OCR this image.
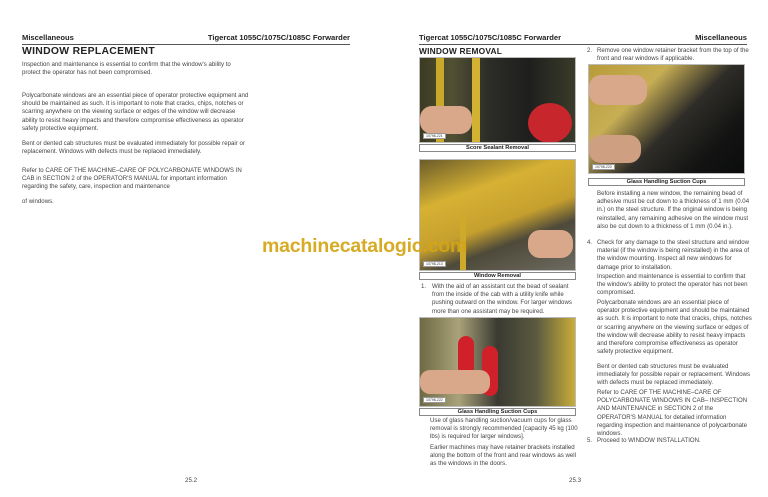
Miscellaneous	Tigercat 1055C/1075C/1085C Forwarder
WINDOW REPLACEMENT
Inspection and maintenance is essential to confirm that the window's ability to protect the operator has not been compromised.
Polycarbonate windows are an essential piece of operator protective equipment and should be maintained as such. It is important to note that cracks, chips, notches or scarring anywhere on the viewing surface or edges of the window will decrease ability to resist heavy impacts and therefore compromise effectiveness as operator safety protective equipment.
Bent or dented cab structures must be evaluated immediately for possible repair or replacement. Windows with defects must be replaced immediately.
Refer to CARE OF THE MACHINE–CARE OF POLYCARBONATE WINDOWS IN CAB in SECTION 2 of the OPERATOR'S MANUAL for important information regarding the safety, care, inspection and maintenance
of windows.
25.2
Tigercat 1055C/1075C/1085C Forwarder	Miscellaneous
WINDOW REMOVAL
10798-221
Score Sealant Removal
10798-213
Window Removal
1. With the aid of an assistant cut the bead of sealant from the inside of the cab with a utility knife while pushing outward on the window. For larger windows more than one assistant may be required.
10798-222
Glass Handling Suction Cups
Use of glass handling suction/vacuum cups for glass removal is strongly recommended [capacity 45 kg (100 lbs) is required for larger windows].
Earlier machines may have retainer brackets installed along the bottom of the front and rear windows as well as the windows in the doors.
2. Remove one window retainer bracket from the top of the front and rear windows if applicable.
10798-220
Glass Handling Suction Cups
Before installing a new window, the remaining bead of adhesive must be cut down to a thickness of 1 mm (0.04 in.) on the steel structure. If the original window is being reinstalled, any remaining adhesive on the window must also be cut down to a thickness of 1 mm (0.04 in.).
4. Check for any damage to the steel structure and window material (if the window is being reinstalled) in the area of the window mounting. Inspect all new windows for damage prior to installation.
Inspection and maintenance is essential to confirm that the window's ability to protect the operator has not been compromised.
Polycarbonate windows are an essential piece of operator protective equipment and should be maintained as such. It is important to note that cracks, chips, notches or scarring anywhere on the viewing surface or edges of the window will decrease ability to resist heavy impacts and therefore compromise effectiveness as operator safety protective equipment.
Bent or dented cab structures must be evaluated immediately for possible repair or replacement. Windows with defects must be replaced immediately.
Refer to CARE OF THE MACHINE–CARE OF POLYCARBONATE WINDOWS IN CAB– INSPECTION AND MAINTENANCE in SECTION 2 of the OPERATOR'S MANUAL for detailed information regarding inspection and maintenance of polycarbonate windows.
5. Proceed to WINDOW INSTALLATION.
25.3
machinecatalogic.com
